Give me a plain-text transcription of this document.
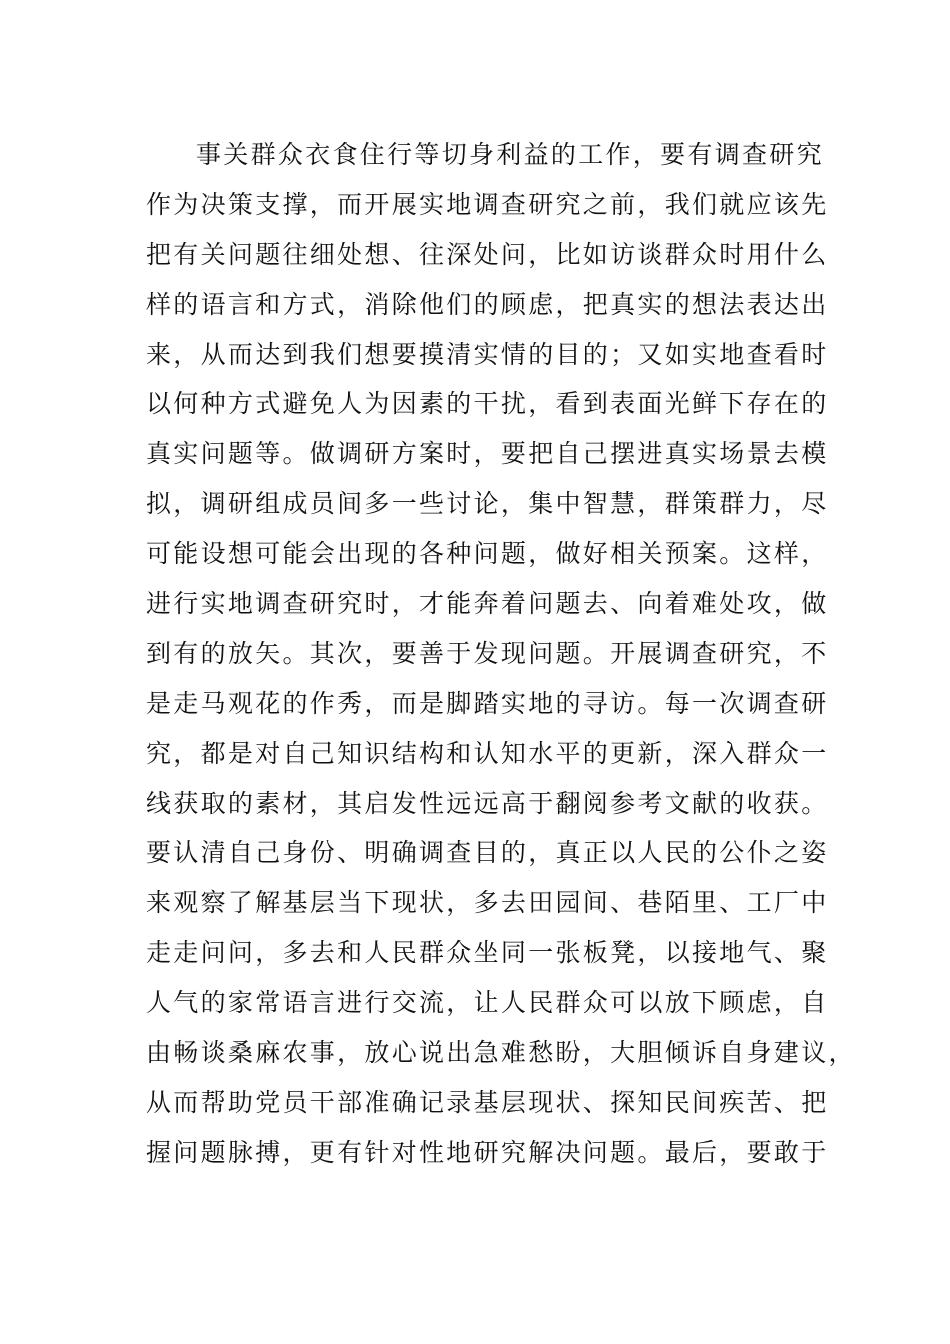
事关群众衣食住行等切身利益的工作，要有调查研究
作为决策支撑，而开展实地调查研究之前，我们就应该先
把有关问题往细处想、往深处问，比如访谈群众时用什么
样的语言和方式，消除他们的顾虑，把真实的想法表达出
来，从而达到我们想要摸清实情的目的；又如实地查看时
以何种方式避免人为因素的干扰，看到表面光鲜下存在的
真实问题等。做调研方案时，要把自己摆进真实场景去模
拟，调研组成员间多一些讨论，集中智慧，群策群力，尽
可能设想可能会出现的各种问题，做好相关预案。这样，
进行实地调查研究时，才能奔着问题去、向着难处攻，做
到有的放矢。其次，要善于发现问题。开展调查研究，不
是走马观花的作秀，而是脚踏实地的寻访。每一次调查研
究，都是对自己知识结构和认知水平的更新，深入群众一
线获取的素材，其启发性远远高于翻阅参考文献的收获。
要认清自己身份、明确调查目的，真正以人民的公仆之姿
来观察了解基层当下现状，多去田园间、巷陌里、工厂中
走走问问，多去和人民群众坐同一张板凳，以接地气、聚
人气的家常语言进行交流，让人民群众可以放下顾虑，自
由畅谈桑麻农事，放心说出急难愁盼，大胆倾诉自身建议，
从而帮助党员干部准确记录基层现状、探知民间疾苦、把
握问题脉搏，更有针对性地研究解决问题。最后，要敢于
